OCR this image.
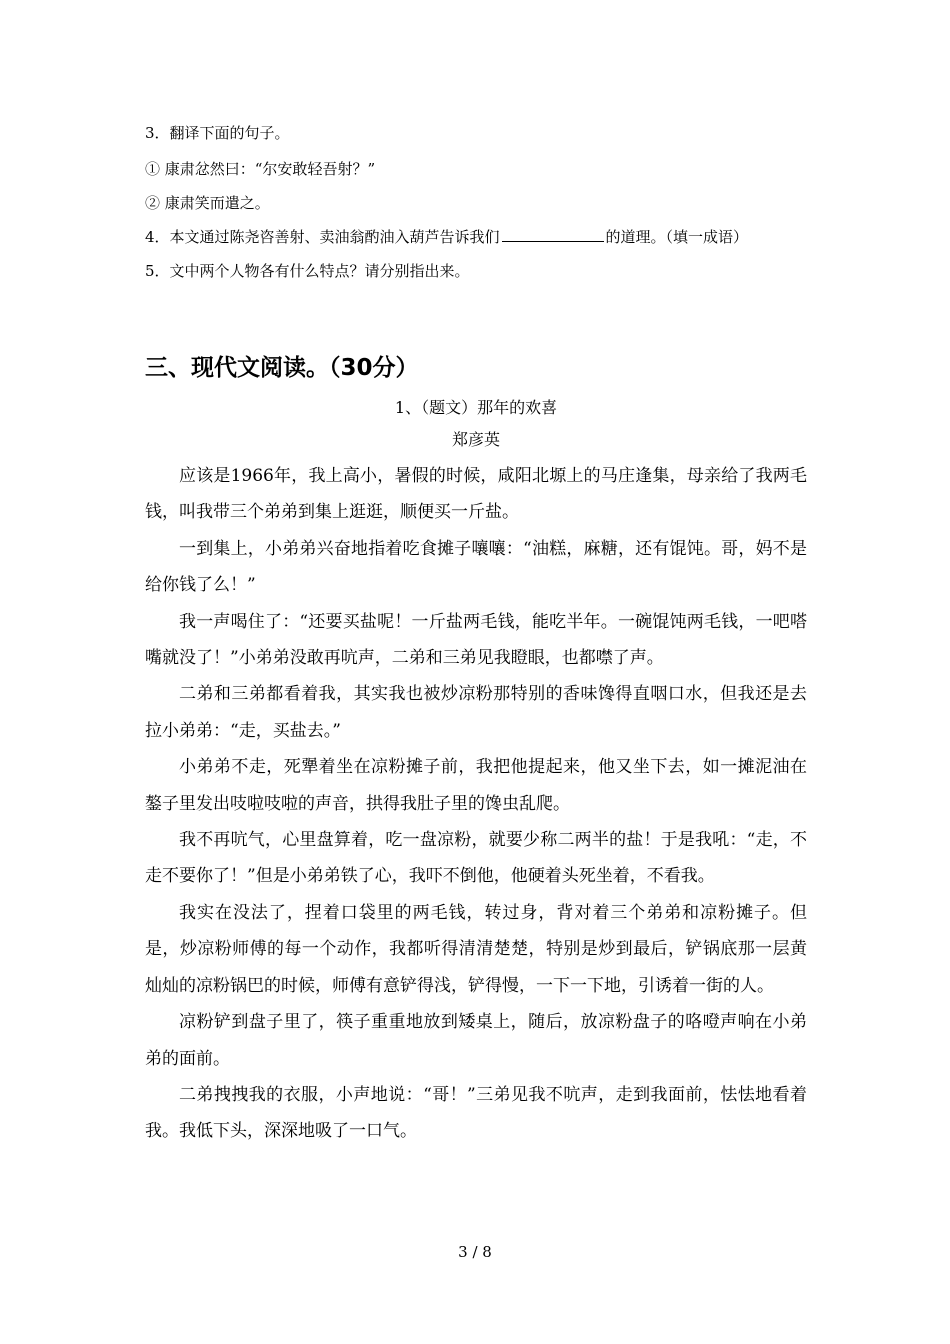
3．翻译下面的句子。
① 康肃忿然曰：“尔安敢轻吾射？”
② 康肃笑而遣之。
4．本文通过陈尧咨善射、卖油翁酌油入葫芦告诉我们	的道理。（填一成语）
5．文中两个人物各有什么特点？请分别指出来。
三、现代文阅读。（30分）
1、（题文）那年的欢喜
郑彦英

应该是1966年，我上高小，暑假的时候，咸阳北塬上的马庄逢集，母亲给了我两毛钱，叫我带三个弟弟到集上逛逛，顺便买一斤盐。

一到集上，小弟弟兴奋地指着吃食摊子嚷嚷：“油糕，麻糖，还有馄饨。哥，妈不是给你钱了么！”

我一声喝住了：“还要买盐呢！一斤盐两毛钱，能吃半年。一碗馄饨两毛钱，一吧嗒嘴就没了！”小弟弟没敢再吭声，二弟和三弟见我瞪眼，也都噤了声。

二弟和三弟都看着我，其实我也被炒凉粉那特别的香味馋得直咽口水，但我还是去拉小弟弟：“走，买盐去。”

小弟弟不走，死犟着坐在凉粉摊子前，我把他提起来，他又坐下去，如一摊泥油在鏊子里发出吱啦吱啦的声音，拱得我肚子里的馋虫乱爬。

我不再吭气，心里盘算着，吃一盘凉粉，就要少称二两半的盐！于是我吼：“走，不走不要你了！”但是小弟弟铁了心，我吓不倒他，他硬着头死坐着，不看我。

我实在没法了，捏着口袋里的两毛钱，转过身，背对着三个弟弟和凉粉摊子。但是，炒凉粉师傅的每一个动作，我都听得清清楚楚，特别是炒到最后，铲锅底那一层黄灿灿的凉粉锅巴的时候，师傅有意铲得浅，铲得慢，一下一下地，引诱着一街的人。

凉粉铲到盘子里了，筷子重重地放到矮桌上，随后，放凉粉盘子的咯噔声响在小弟弟的面前。

二弟拽拽我的衣服，小声地说：“哥！”三弟见我不吭声，走到我面前，怯怯地看着我。我低下头，深深地吸了一口气。

3 / 8
